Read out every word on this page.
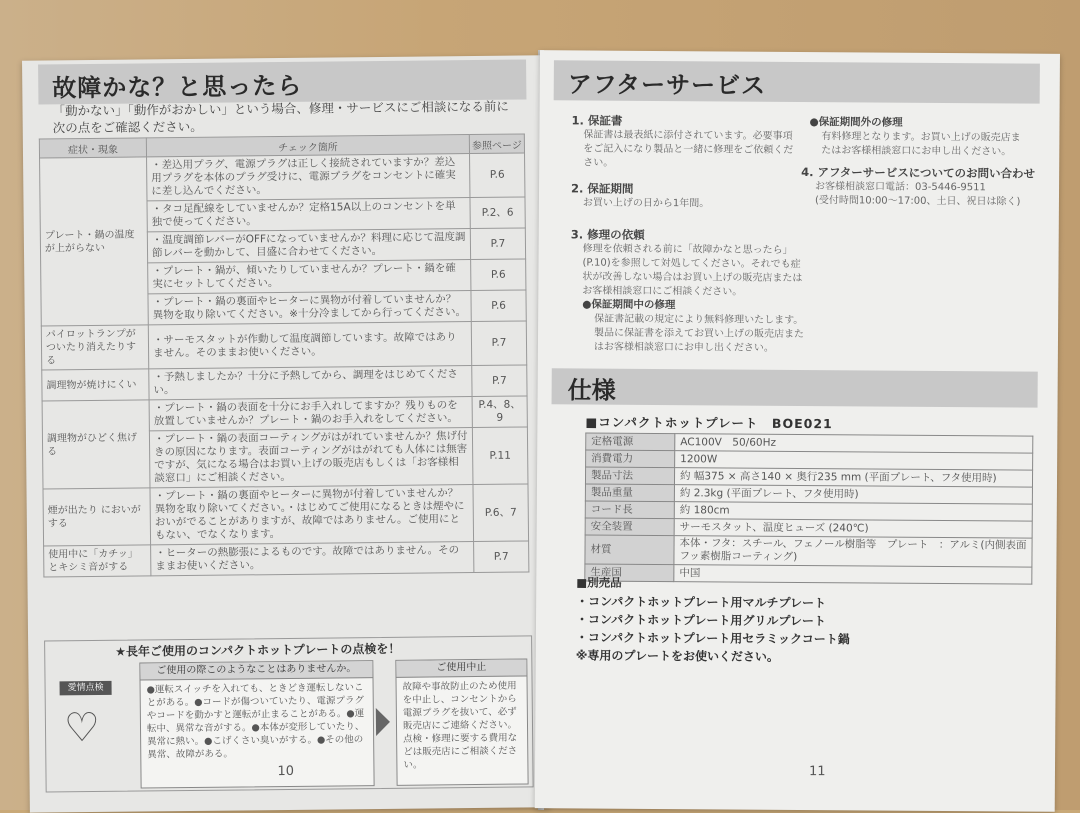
故障かな？と思ったら
「動かない」「動作がおかしい」という場合、修理・サービスにご相談になる前に次の点をご確認ください。
症状・現象	チェック箇所	参照ページ
プレート・鍋の温度が上がらない	・差込用プラグ、電源プラグは正しく接続されていますか？差込用プラグを本体のプラグ受けに、電源プラグをコンセントに確実に差し込んでください。	P.6
	・タコ足配線をしていませんか？定格15A以上のコンセントを単独で使ってください。	P.2、6
	・温度調節レバーがOFFになっていませんか？料理に応じて温度調節レバーを動かして、目盛に合わせてください。	P.7
	・プレート・鍋が、傾いたりしていませんか？プレート・鍋を確実にセットしてください。	P.6
	・プレート・鍋の裏面やヒーターに異物が付着していませんか？異物を取り除いてください。※十分冷ましてから行ってください。	P.6
パイロットランプがついたり消えたりする	・サーモスタットが作動して温度調節しています。故障ではありません。そのままお使いください。	P.7
調理物が焼けにくい	・予熱しましたか？十分に予熱してから、調理をはじめてください。	P.7
調理物がひどく焦げる	・プレート・鍋の表面を十分にお手入れしてますか？残りものを放置していませんか？プレート・鍋のお手入れをしてください。	P.4、8、9
	・プレート・鍋の表面コーティングがはがれていませんか？焦げ付きの原因になります。表面コーティングがはがれても人体には無害ですが、気になる場合はお買い上げの販売店もしくは「お客様相談窓口」にご相談ください。	P.11
煙が出たり においがする	・プレート・鍋の裏面やヒーターに異物が付着していませんか？異物を取り除いてください。・はじめてご使用になるときは煙やにおいがでることがありますが、故障ではありません。ご使用にともない、でなくなります。	P.6、7
使用中に「カチッ」とキシミ音がする	・ヒーターの熱膨張によるものです。故障ではありません。そのままお使いください。	P.7
★長年ご使用のコンパクトホットプレートの点検を！
愛情点検
♡
ご使用の際このようなことはありませんか。
●運転スイッチを入れても、ときどき運転しないことがある。●コードが傷ついていたり、電源プラグやコードを動かすと運転が止まることがある。●運転中、異常な音がする。●本体が変形していたり、異常に熱い。●こげくさい臭いがする。●その他の異常、故障がある。
ご使用中止
故障や事故防止のため使用を中止し、コンセントから電源プラグを抜いて、必ず販売店にご連絡ください。点検・修理に要する費用などは販売店にご相談ください。
10
アフターサービス
1. 保証書
保証書は最表紙に添付されています。必要事項をご記入になり製品と一緒に修理をご依頼ください。
2. 保証期間
お買い上げの日から1年間。
3. 修理の依頼
修理を依頼される前に「故障かなと思ったら」(P.10)を参照して対処してください。それでも症状が改善しない場合はお買い上げの販売店またはお客様相談窓口にご相談ください。
●保証期間中の修理
保証書記載の規定により無料修理いたします。製品に保証書を添えてお買い上げの販売店またはお客様相談窓口にお申し出ください。
●保証期間外の修理
有料修理となります。お買い上げの販売店またはお客様相談窓口にお申し出ください。
4. アフターサービスについてのお問い合わせ
お客様相談窓口電話：03-5446-9511
(受付時間10:00～17:00、土日、祝日は除く)
仕様
■コンパクトホットプレート　BOE021
定格電源	AC100V　50/60Hz
消費電力	1200W
製品寸法	約 幅375 × 高さ140 × 奥行235 mm (平面プレート、フタ使用時)
製品重量	約 2.3kg (平面プレート、フタ使用時)
コード長	約 180cm
安全装置	サーモスタット、温度ヒューズ (240℃)
材質	本体・フタ：スチール、フェノール樹脂等　プレート　：アルミ(内側表面フッ素樹脂コーティング)
生産国	中国
■別売品
・コンパクトホットプレート用マルチプレート
・コンパクトホットプレート用グリルプレート
・コンパクトホットプレート用セラミックコート鍋
※専用のプレートをお使いください。
11
